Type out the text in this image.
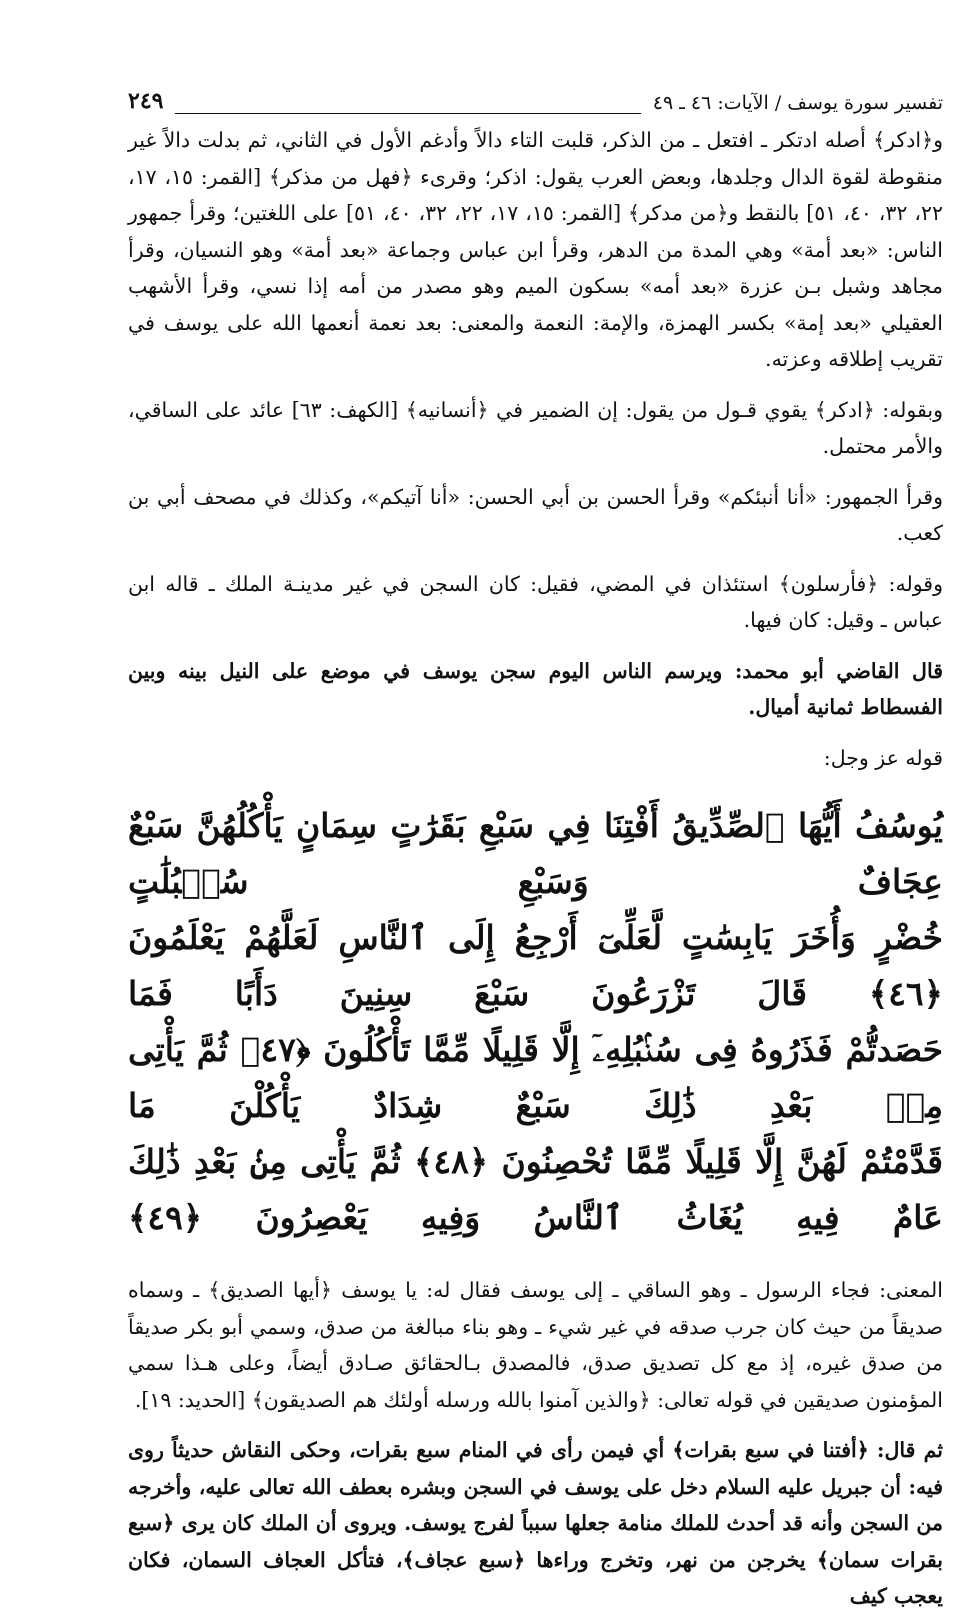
تفسير سورة يوسف / الآيات: ٤٦ ـ ٤٩
٢٤٩

و﴿ادكر﴾ أصله ادتكر ـ افتعل ـ من الذكر، قلبت التاء دالاً وأدغم الأول في الثاني، ثم بدلت دالاً غير منقوطة لقوة الدال وجلدها، وبعض العرب يقول: اذكر؛ وقرىء ﴿فهل من مذكر﴾ [القمر: ١٥، ١٧، ٢٢، ٣٢، ٤٠، ٥١] بالنقط و﴿من مدكر﴾ [القمر: ١٥، ١٧، ٢٢، ٣٢، ٤٠، ٥١] على اللغتين؛ وقرأ جمهور الناس: «بعد أمة» وهي المدة من الدهر، وقرأ ابن عباس وجماعة «بعد أمة» وهو النسيان، وقرأ مجاهد وشبل بـن عزرة «بعد أمه» بسكون الميم وهو مصدر من أمه إذا نسي، وقرأ الأشهب العقيلي «بعد إمة» بكسر الهمزة، والإمة: النعمة والمعنى: بعد نعمة أنعمها الله على يوسف في تقريب إطلاقه وعزته.

وبقوله: ﴿ادكر﴾ يقوي قـول من يقول: إن الضمير في ﴿أنسانيه﴾ [الكهف: ٦٣] عائد على الساقي، والأمر محتمل.

وقرأ الجمهور: «أنا أنبئكم» وقرأ الحسن بن أبي الحسن: «أنا آتيكم»، وكذلك في مصحف أبي بن كعب.

وقوله: ﴿فأرسلون﴾ استئذان في المضي، فقيل: كان السجن في غير مدينـة الملك ـ قاله ابن عباس ـ وقيل: كان فيها.

قال القاضي أبو محمد: ويرسم الناس اليوم سجن يوسف في موضع على النيل بينه وبين الفسطاط ثمانية أميال.

قوله عز وجل:

يُوسُفُ أَيُّهَا ٱلصِّدِّيقُ أَفْتِنَا فِي سَبْعِ بَقَرَٰتٍ سِمَانٍ يَأْكُلُهُنَّ سَبْعٌ عِجَافٌ وَسَبْعِ سُنۢبُلَٰتٍ
خُضْرٍ وَأُخَرَ يَابِسَٰتٍ لَّعَلِّىٓ أَرْجِعُ إِلَى ٱلنَّاسِ لَعَلَّهُمْ يَعْلَمُونَ ﴿٤٦﴾ قَالَ تَزْرَعُونَ سَبْعَ سِنِينَ دَأَبًا فَمَا
حَصَدتُّمْ فَذَرُوهُ فِى سُنۢبُلِهِۦٓ إِلَّا قَلِيلًا مِّمَّا تَأْكُلُونَ ﴿٤٧﴾ ثُمَّ يَأْتِى مِنۢ بَعْدِ ذَٰلِكَ سَبْعٌ شِدَادٌ يَأْكُلْنَ مَا
قَدَّمْتُمْ لَهُنَّ إِلَّا قَلِيلًا مِّمَّا تُحْصِنُونَ ﴿٤٨﴾ ثُمَّ يَأْتِى مِنۢ بَعْدِ ذَٰلِكَ عَامٌ فِيهِ يُغَاثُ ٱلنَّاسُ وَفِيهِ يَعْصِرُونَ ﴿٤٩﴾

المعنى: فجاء الرسول ـ وهو الساقي ـ إلى يوسف فقال له: يا يوسف ﴿أيها الصديق﴾ ـ وسماه صديقاً من حيث كان جرب صدقه في غير شيء ـ وهو بناء مبالغة من صدق، وسمي أبو بكر صديقاً من صدق غيره، إذ مع كل تصديق صدق، فالمصدق بـالحقائق صـادق أيضاً، وعلى هـذا سمي المؤمنون صديقين في قوله تعالى: ﴿والذين آمنوا بالله ورسله أولئك هم الصديقون﴾ [الحديد: ١٩].

ثم قال: ﴿أفتنا في سبع بقرات﴾ أي فيمن رأى في المنام سبع بقرات، وحكى النقاش حديثاً روى فيه: أن جبريل عليه السلام دخل على يوسف في السجن وبشره بعطف الله تعالى عليه، وأخرجه من السجن وأنه قد أحدث للملك منامة جعلها سبباً لفرج يوسف. ويروى أن الملك كان يرى ﴿سبع بقرات سمان﴾ يخرجن من نهر، وتخرج وراءها ﴿سبع عجاف﴾، فتأكل العجاف السمان، فكان يعجب كيف
